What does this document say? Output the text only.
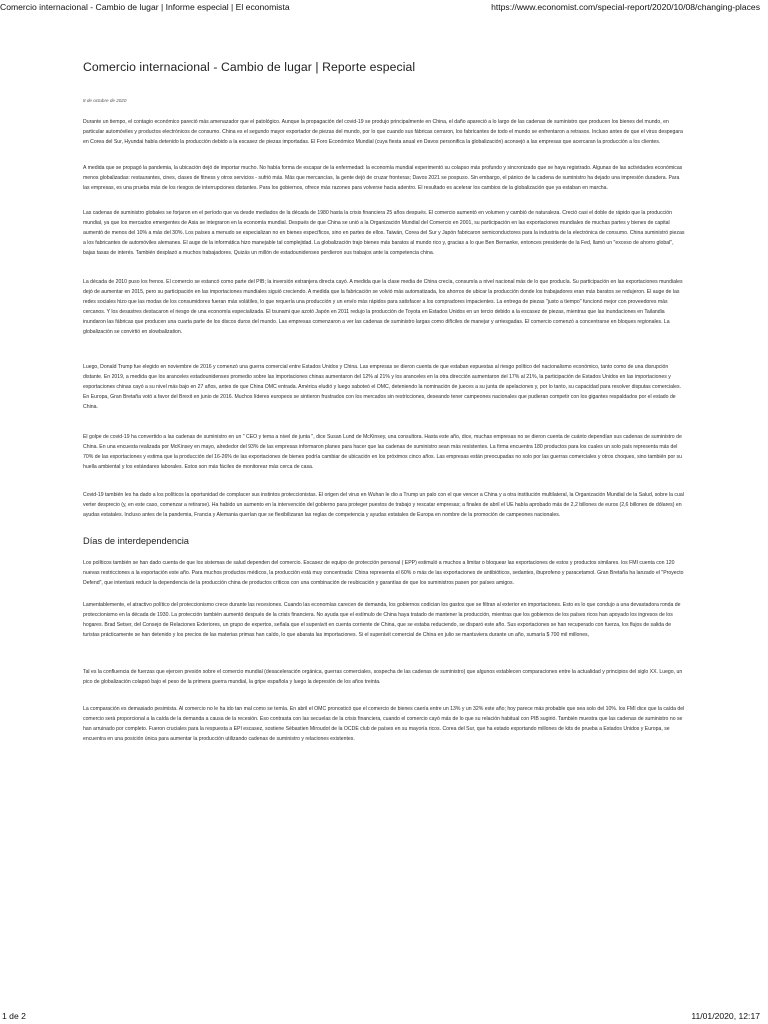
Comercio internacional - Cambio de lugar | Informe especial | El economista	https://www.economist.com/special-report/2020/10/08/changing-places
Comercio internacional - Cambio de lugar | Reporte especial
8 de octubre de 2020

Durante un tiempo, el contagio económico pareció más amenazador que el patológico. Aunque la propagación del covid-19 se produjo principalmente en China, el daño apareció a lo largo de las cadenas de suministro que producen los bienes del mundo, en particular automóviles y productos electrónicos de consumo. China es el segundo mayor exportador de piezas del mundo, por lo que cuando sus fábricas cerraron, los fabricantes de todo el mundo se enfrentaron a retrasos. Incluso antes de que el virus despegara en Corea del Sur, Hyundai había detenido la producción debido a la escasez de piezas importadas. El Foro Económico Mundial (cuya fiesta anual en Davos personifica la globalización) aconsejó a las empresas que acercaran la producción a los clientes.

A medida que se propagó la pandemia, la ubicación dejó de importar mucho. No había forma de escapar de la enfermedad: la economía mundial experimentó su colapso más profundo y sincronizado que se haya registrado. Algunas de las actividades económicas menos globalizadas: restaurantes, cines, clases de fitness y otros servicios - sufrió más. Más que mercancías, la gente dejó de cruzar fronteras; Davos 2021 se pospuso. Sin embargo, el pánico de la cadena de suministro ha dejado una impresión duradera. Para las empresas, es una prueba más de los riesgos de interrupciones distantes. Para los gobiernos, ofrece más razones para volverse hacia adentro. El resultado es acelerar los cambios de la globalización que ya estaban en marcha.

Las cadenas de suministro globales se forjaron en el período que va desde mediados de la década de 1980 hasta la crisis financiera 25 años después. El comercio aumentó en volumen y cambió de naturaleza. Creció casi el doble de rápido que la producción mundial, ya que los mercados emergentes de Asia se integraron en la economía mundial. Después de que China se unió a la Organización Mundial del Comercio en 2001, su participación en las exportaciones mundiales de muchas partes y bienes de capital aumentó de menos del 10% a más del 30%. Los países a menudo se especializan no en bienes específicos, sino en partes de ellos. Taiwán, Corea del Sur y Japón fabricaron semiconductores para la industria de la electrónica de consumo. China suministró piezas a los fabricantes de automóviles alemanes. El auge de la informática hizo manejable tal complejidad. La globalización trajo bienes más baratos al mundo rico y, gracias a lo que Ben Bernanke, entonces presidente de la Fed, llamó un "exceso de ahorro global", bajas tasas de interés. También desplazó a muchos trabajadores. Quizás un millón de estadounidenses perdieron sus trabajos ante la competencia china.

La década de 2010 puso los frenos. El comercio se estancó como parte del PIB; la inversión extranjera directa cayó. A medida que la clase media de China crecía, consumía a nivel nacional más de lo que producía. Su participación en las exportaciones mundiales dejó de aumentar en 2015, pero su participación en las importaciones mundiales siguió creciendo. A medida que la fabricación se volvió más automatizada, los ahorros de ubicar la producción donde los trabajadores eran más baratos se redujeron. El auge de las redes sociales hizo que las modas de los consumidores fueran más volátiles, lo que requería una producción y un envío más rápidos para satisfacer a los compradores impacientes. La entrega de piezas "justo a tiempo" funcionó mejor con proveedores más cercanos. Y los desastres destacaron el riesgo de una economía especializada. El tsunami que azotó Japón en 2011 redujo la producción de Toyota en Estados Unidos en un tercio debido a la escasez de piezas, mientras que las inundaciones en Tailandia inundaron las fábricas que producen una cuarta parte de los discos duros del mundo. Las empresas comenzaron a ver las cadenas de suministro largas como difíciles de manejar y arriesgadas. El comercio comenzó a concentrarse en bloques regionales. La globalización se convirtió en slowbalization.

Luego, Donald Trump fue elegido en noviembre de 2016 y comenzó una guerra comercial entre Estados Unidos y China. Las empresas se dieron cuenta de que estaban expuestas al riesgo político del nacionalismo económico, tanto como de una disrupción distante. En 2019, a medida que los aranceles estadounidenses promedio sobre las importaciones chinas aumentaron del 12% al 21% y los aranceles en la otra dirección aumentaron del 17% al 21%, la participación de Estados Unidos en las importaciones y exportaciones chinas cayó a su nivel más bajo en 27 años, antes de que China OMC entrada. América eludió y luego saboteó el OMC, deteniendo la nominación de jueces a su junta de apelaciones y, por lo tanto, su capacidad para resolver disputas comerciales. En Europa, Gran Bretaña votó a favor del Brexit en junio de 2016. Muchos líderes europeos se sintieron frustrados con los mercados sin restricciones, deseando tener campeones nacionales que pudieran competir con los gigantes respaldados por el estado de China.

El golpe de covid-19 ha convertido a las cadenas de suministro en un " CEO y tema a nivel de junta ", dice Susan Lund de McKinsey, una consultora. Hasta este año, dice, muchas empresas no se dieron cuenta de cuánto dependían sus cadenas de suministro de China. En una encuesta realizada por McKinsey en mayo, alrededor del 93% de las empresas informaron planes para hacer que las cadenas de suministro sean más resistentes. La firma encuentra 180 productos para los cuales un solo país representa más del 70% de las exportaciones y estima que la producción del 16-26% de las exportaciones de bienes podría cambiar de ubicación en los próximos cinco años. Las empresas están preocupadas no solo por las guerras comerciales y otros choques, sino también por su huella ambiental y los estándares laborales. Estos son más fáciles de monitorear más cerca de casa.

Covid-19 también les ha dado a los políticos la oportunidad de complacer sus instintos proteccionistas. El origen del virus en Wuhan le dio a Trump un palo con el que vencer a China y a otra institución multilateral, la Organización Mundial de la Salud, sobre la cual verter desprecio (y, en este caso, comenzar a retirarse). Ha habido un aumento en la intervención del gobierno para proteger puestos de trabajo y rescatar empresas; a finales de abril el UE había aprobado más de 2,2 billones de euros (2,6 billones de dólares) en ayudas estatales. Incluso antes de la pandemia, Francia y Alemania querían que se flexibilizaran las reglas de competencia y ayudas estatales de Europa en nombre de la promoción de campeones nacionales.

Días de interdependencia

Los políticos también se han dado cuenta de que los sistemas de salud dependen del comercio. Escasez de equipo de protección personal ( EPP) estimuló a muchos a limitar o bloquear las exportaciones de estos y productos similares. los FMI cuenta con 120 nuevas restricciones a la exportación este año. Para muchos productos médicos, la producción está muy concentrada: China representa el 60% o más de las exportaciones de antibióticos, sedantes, ibuprofeno y paracetamol. Gran Bretaña ha lanzado el "Proyecto Defend", que intentará reducir la dependencia de la producción china de productos críticos con una combinación de reubicación y garantías de que los suministros pasen por países amigos.

Lamentablemente, el atractivo político del proteccionismo crece durante las recesiones. Cuando las economías carecen de demanda, los gobiernos codician los gastos que se filtran al exterior en importaciones. Esto es lo que condujo a una devastadora ronda de proteccionismo en la década de 1930. La protección también aumentó después de la crisis financiera. No ayuda que el estímulo de China haya tratado de mantener la producción, mientras que los gobiernos de los países ricos han apoyado los ingresos de los hogares. Brad Setser, del Consejo de Relaciones Exteriores, un grupo de expertos, señala que el superávit en cuenta corriente de China, que se estaba reduciendo, se disparó este año. Sus exportaciones se han recuperado con fuerza, los flujos de salida de turistas prácticamente se han detenido y los precios de las materias primas han caído, lo que abarata las importaciones. Si el superávit comercial de China en julio se mantuviera durante un año, sumaría $ 700 mil millones,

Tal es la confluencia de fuerzas que ejercen presión sobre el comercio mundial (desaceleración orgánica, guerras comerciales, sospecha de las cadenas de suministro) que algunos establecen comparaciones entre la actualidad y principios del siglo XX. Luego, un pico de globalización colapsó bajo el peso de la primera guerra mundial, la gripe española y luego la depresión de los años treinta.

La comparación es demasiado pesimista. Al comercio no le ha ido tan mal como se temía. En abril el OMC pronosticó que el comercio de bienes caería entre un 13% y un 32% este año; hoy parece más probable que sea solo del 10%. los FMI dice que la caída del comercio será proporcional a la caída de la demanda a causa de la recesión. Eso contrasta con las secuelas de la crisis financiera, cuando el comercio cayó más de lo que su relación habitual con PIB sugirió. También muestra que las cadenas de suministro no se han arruinado por completo. Fueron cruciales para la respuesta a EPI escasez, sostiene Sébastien Miroudot de la OCDE club de países en su mayoría ricos. Corea del Sur, que ha estado exportando millones de kits de prueba a Estados Unidos y Europa, se encuentra en una posición única para aumentar la producción utilizando cadenas de suministro y relaciones existentes.

1 de 2	11/01/2020, 12:17
